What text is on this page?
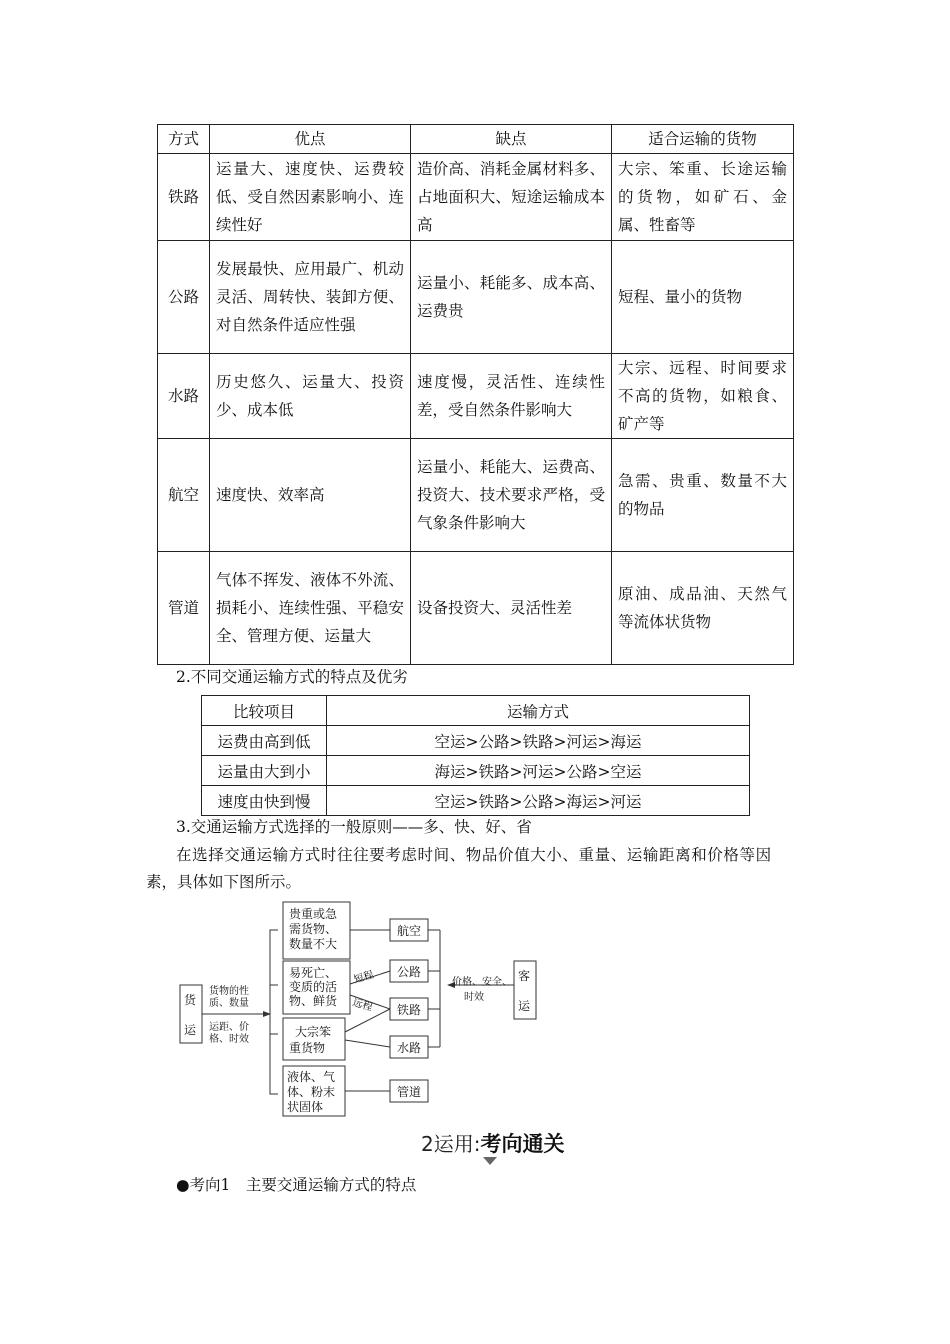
方式	优点	缺点	适合运输的货物
铁路	运量大、速度快、运费较低、受自然因素影响小、连续性好	造价高、消耗金属材料多、占地面积大、短途运输成本高	大宗、笨重、长途运输的货物，如矿石、金属、牲畜等
公路	发展最快、应用最广、机动灵活、周转快、装卸方便、对自然条件适应性强	运量小、耗能多、成本高、运费贵	短程、量小的货物
水路	历史悠久、运量大、投资少、成本低	速度慢，灵活性、连续性差，受自然条件影响大	大宗、远程、时间要求不高的货物，如粮食、矿产等
航空	速度快、效率高	运量小、耗能大、运费高、投资大、技术要求严格，受气象条件影响大	急需、贵重、数量不大的物品
管道	气体不挥发、液体不外流、损耗小、连续性强、平稳安全、管理方便、运量大	设备投资大、灵活性差	原油、成品油、天然气等流体状货物
2.不同交通运输方式的特点及优劣
比较项目	运输方式
运费由高到低	空运>公路>铁路>河运>海运
运量由大到小	海运>铁路>河运>公路>空运
速度由快到慢	空运>铁路>公路>海运>河运
3.交通运输方式选择的一般原则——多、快、好、省
在选择交通运输方式时往往要考虑时间、物品价值大小、重量、运输距离和价格等因
素，具体如下图所示。
货
运
客
运
货物的性
质、数量
运距、价
格、时效
价格、安全、
时效
短程
远程
贵重或急
需货物、
数量不大
易死亡、
变质的活
物、鲜货
大宗笨
重货物
液体、气
体、粉末
状固体
航空
公路
铁路
水路
管道
2运用:考向通关
●考向1　主要交通运输方式的特点
